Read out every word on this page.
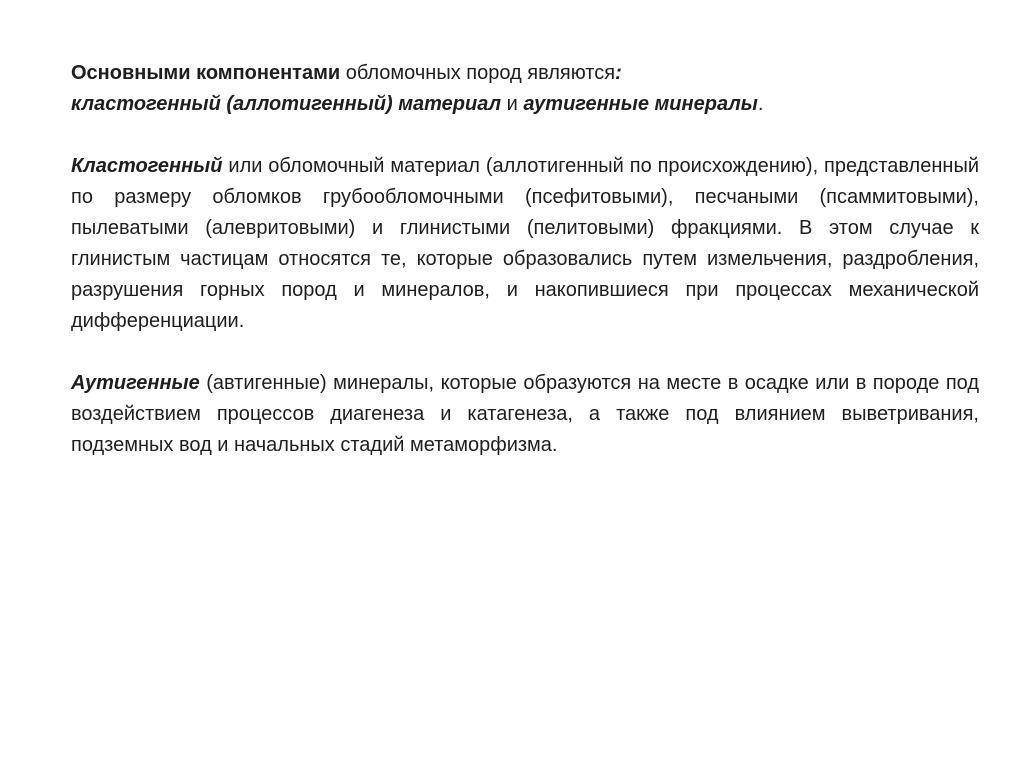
Основными компонентами обломочных пород являются:
кластогенный (аллотигенный) материал и аутигенные минералы.

Кластогенный или обломочный материал (аллотигенный по происхождению), представленный по размеру обломков грубообломочными (псефитовыми), песчаными (псаммитовыми), пылеватыми (алевритовыми) и глинистыми (пелитовыми) фракциями. В этом случае к глинистым частицам относятся те, которые образовались путем измельчения, раздробления, разрушения горных пород и минералов, и накопившиеся при процессах механической дифференциации.

Аутигенные (автигенные) минералы, которые образуются на месте в осадке или в породе под воздействием процессов диагенеза и катагенеза, а также под влиянием выветривания, подземных вод и начальных стадий метаморфизма.
